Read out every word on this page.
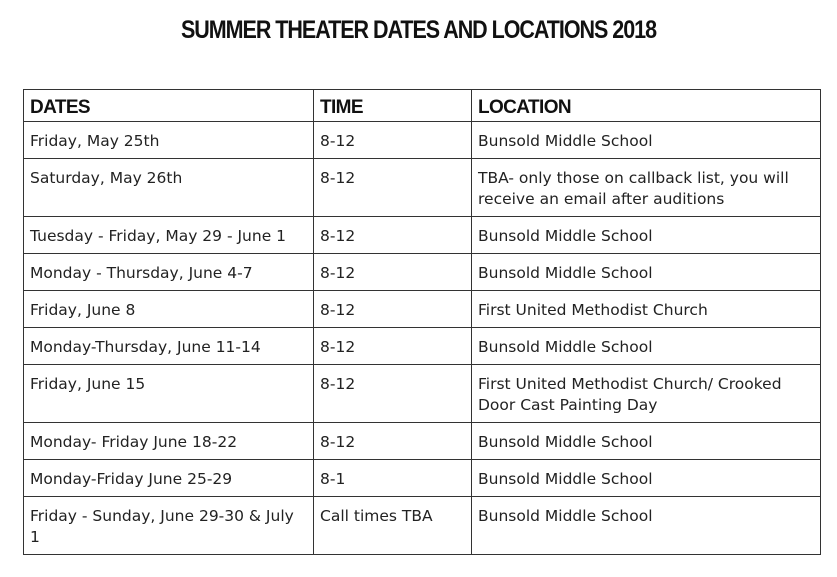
SUMMER THEATER DATES AND LOCATIONS 2018
DATES	TIME	LOCATION
Friday, May 25th	8-12	Bunsold Middle School
Saturday, May 26th	8-12	TBA- only those on callback list, you will receive an email after auditions
Tuesday - Friday, May 29 - June 1	8-12	Bunsold Middle School
Monday - Thursday, June 4-7	8-12	Bunsold Middle School
Friday, June 8	8-12	First United Methodist Church
Monday-Thursday, June 11-14	8-12	Bunsold Middle School
Friday, June 15	8-12	First United Methodist Church/ Crooked Door Cast Painting Day
Monday- Friday June 18-22	8-12	Bunsold Middle School
Monday-Friday June 25-29	8-1	Bunsold Middle School
Friday - Sunday, June 29-30 & July 1	Call times TBA	Bunsold Middle School
